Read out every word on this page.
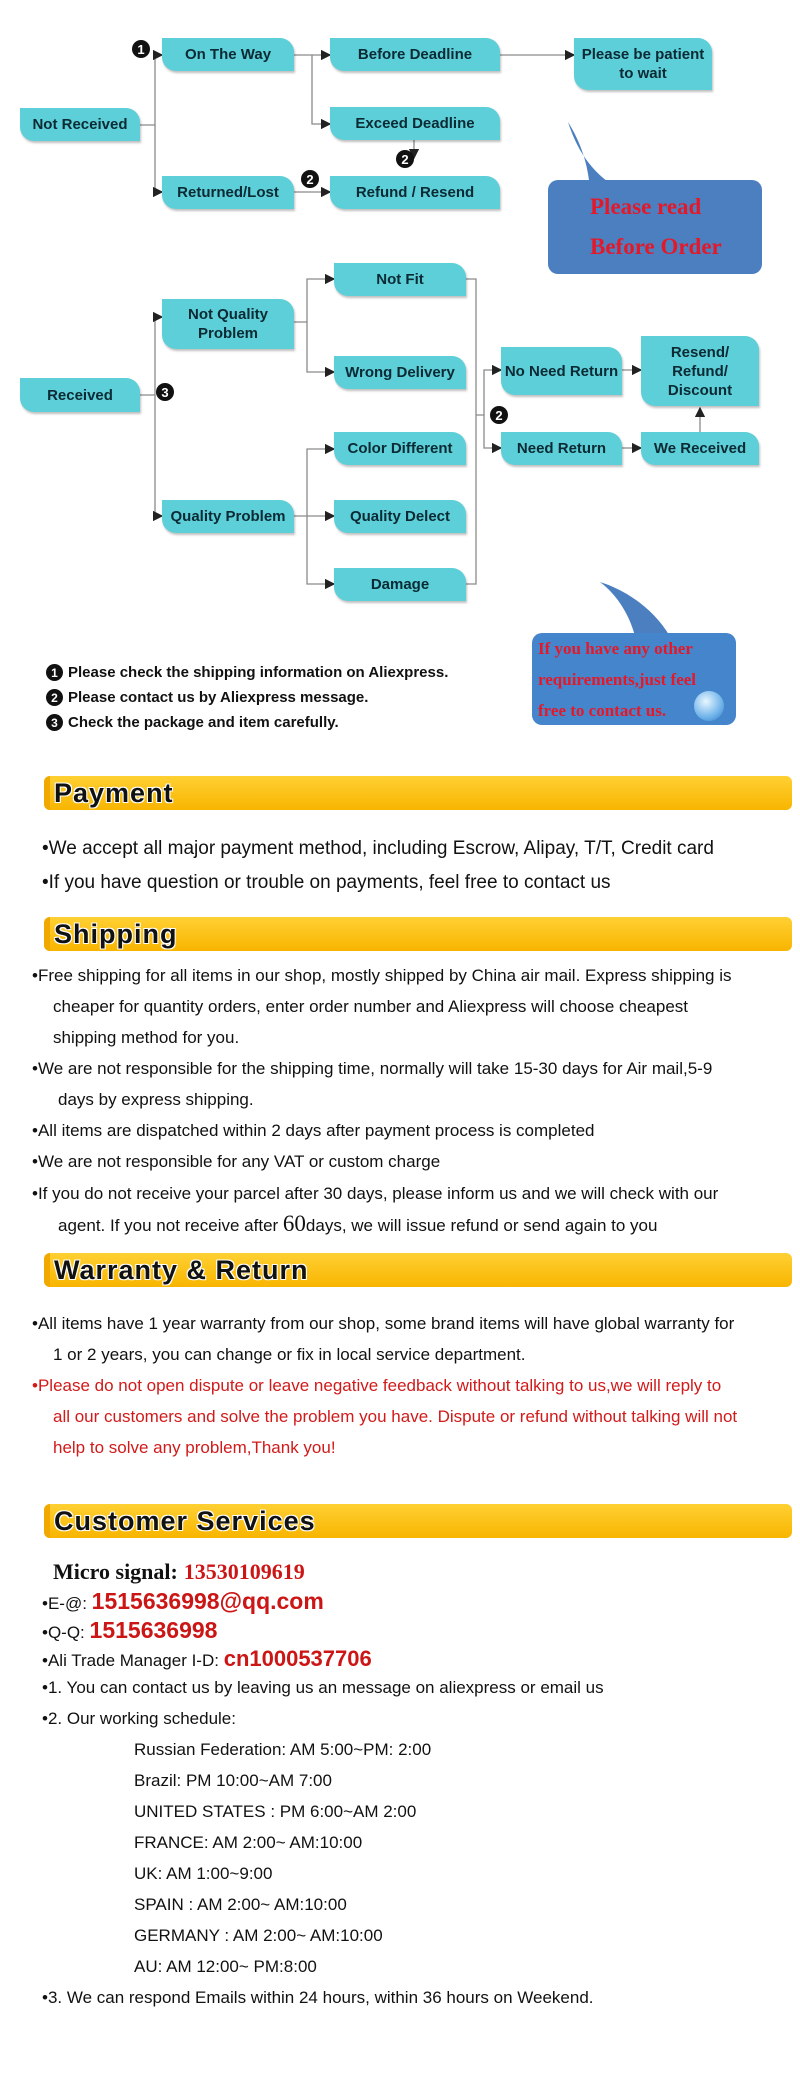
Not Received
1	On The Way	Before Deadline	Please be patient to wait
Exceed Deadline
2
Returned/Lost
2
Refund / Resend
Please read
Before Order
Received	3
Not Quality Problem
Not Fit
Wrong Delivery
Quality Problem
Color Different
Quality Delect
Damage
2
No Need Return
Need Return
Resend/ Refund/ Discount
We Received
If you have any other
requirements,just feel
free to contact us.
1 Please check the shipping information on Aliexpress.
2 Please contact us by Aliexpress message.
3 Check the package and item carefully.
Payment
•We accept all major payment method, including Escrow, Alipay, T/T, Credit card
•If you have question or trouble on payments, feel free to contact us
Shipping
•Free shipping for all items in our shop, mostly shipped by China air mail. Express shipping is
cheaper for quantity orders, enter order number and Aliexpress will choose cheapest
shipping method for you.
•We are not responsible for the shipping time, normally will take 15-30 days for Air mail,5-9
days by express shipping.
•All items are dispatched within 2 days after payment process is completed
•We are not responsible for any VAT or custom charge
•If you do not receive your parcel after 30 days, please inform us and we will check with our
agent. If you not receive after 60days, we will issue refund or send again to you
Warranty & Return
•All items have 1 year warranty from our shop, some brand items will have global warranty for
1 or 2 years, you can change or fix in local service department.
•Please do not open dispute or leave negative feedback without talking to us,we will reply to
all our customers and solve the problem you have. Dispute or refund without talking will not
help to solve any problem,Thank you!
Customer Services
Micro signal: 13530109619
•E-@: 1515636998@qq.com
•Q-Q: 1515636998
•Ali Trade Manager I-D: cn1000537706
•1. You can contact us by leaving us an message on aliexpress or email us
•2. Our working schedule:
Russian Federation: AM 5:00~PM: 2:00
Brazil: PM 10:00~AM 7:00
UNITED STATES : PM 6:00~AM 2:00
FRANCE: AM 2:00~ AM:10:00
UK: AM 1:00~9:00
SPAIN : AM 2:00~ AM:10:00
GERMANY : AM 2:00~ AM:10:00
AU: AM 12:00~ PM:8:00
•3. We can respond Emails within 24 hours, within 36 hours on Weekend.
